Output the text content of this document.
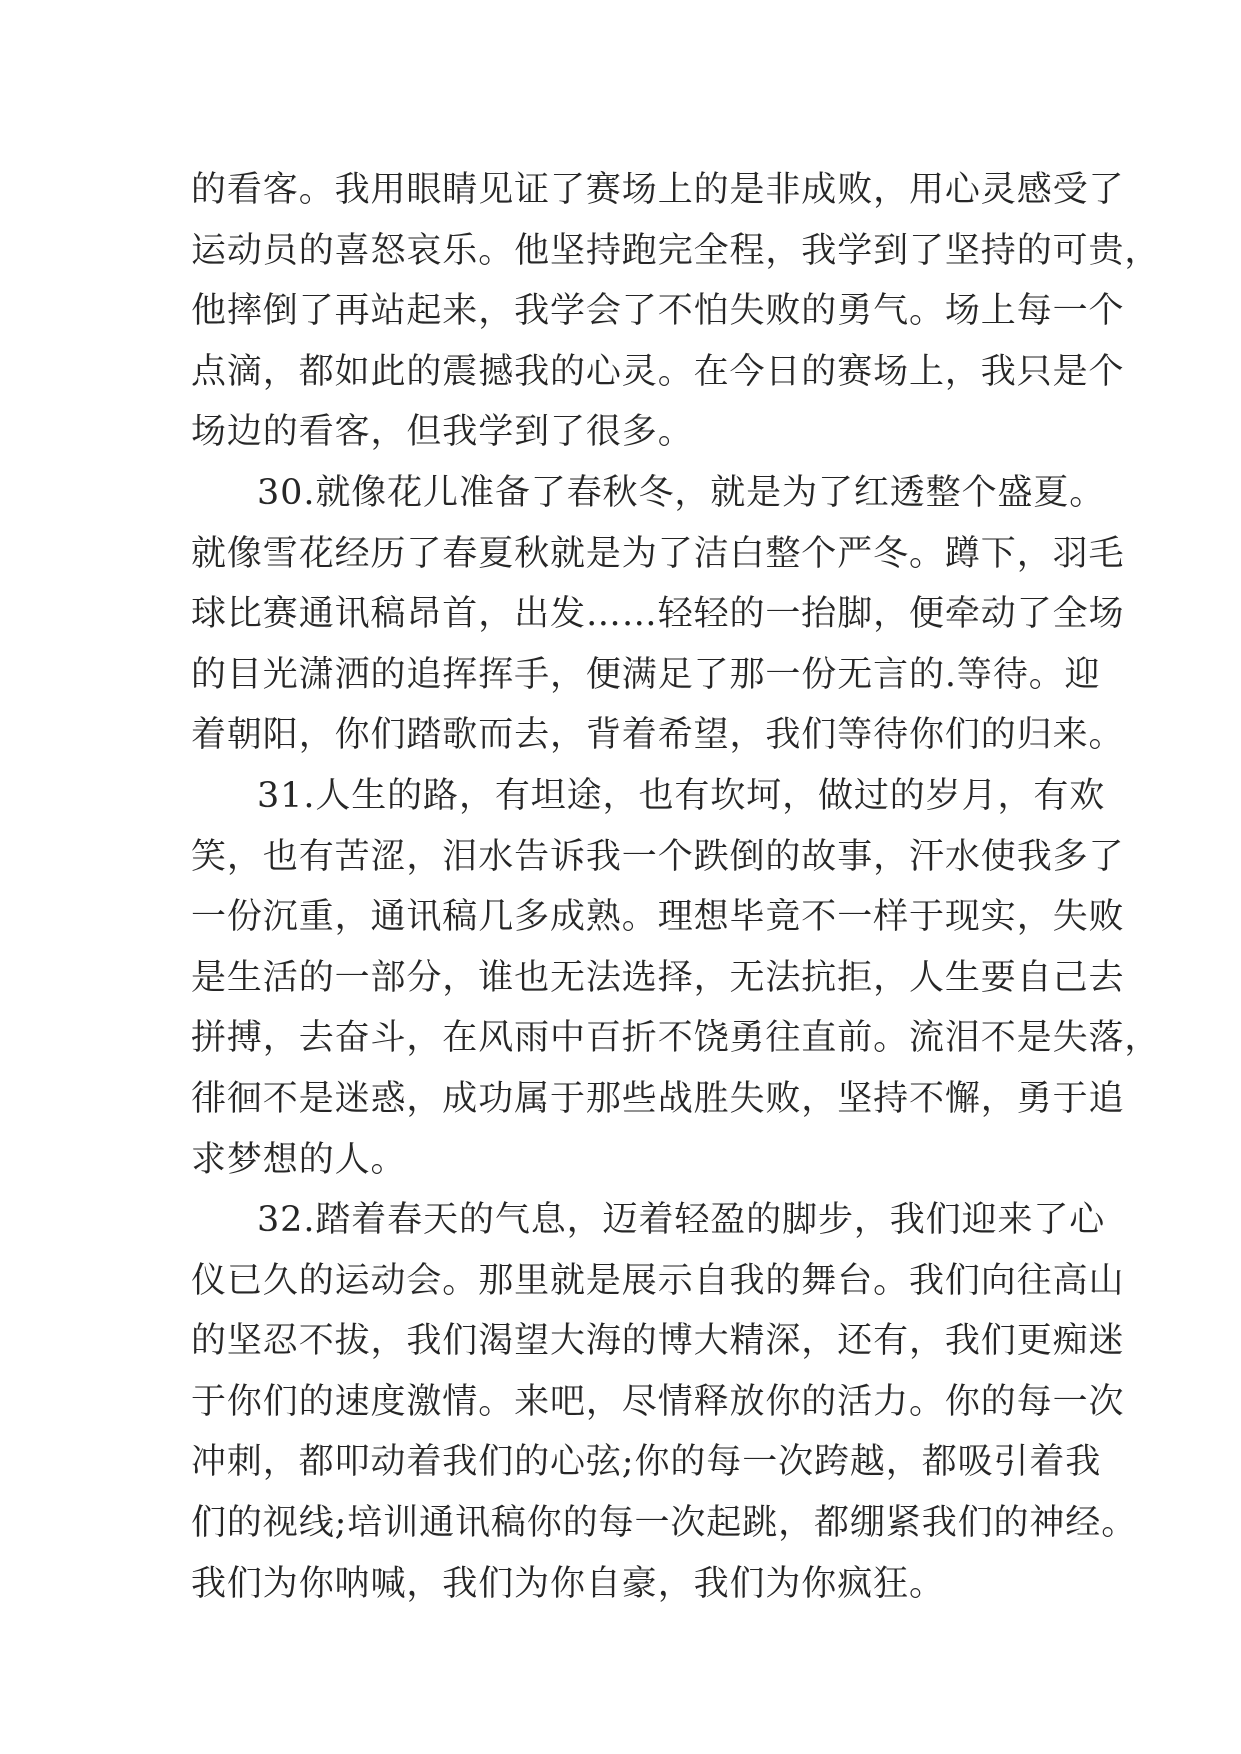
的看客。我用眼睛见证了赛场上的是非成败，用心灵感受了
运动员的喜怒哀乐。他坚持跑完全程，我学到了坚持的可贵，
他摔倒了再站起来，我学会了不怕失败的勇气。场上每一个
点滴，都如此的震撼我的心灵。在今日的赛场上，我只是个
场边的看客，但我学到了很多。
30.就像花儿准备了春秋冬，就是为了红透整个盛夏。
就像雪花经历了春夏秋就是为了洁白整个严冬。蹲下，羽毛
球比赛通讯稿昂首，出发……轻轻的一抬脚，便牵动了全场
的目光潇洒的追挥挥手，便满足了那一份无言的.等待。迎
着朝阳，你们踏歌而去，背着希望，我们等待你们的归来。
31.人生的路，有坦途，也有坎坷，做过的岁月，有欢
笑，也有苦涩，泪水告诉我一个跌倒的故事，汗水使我多了
一份沉重，通讯稿几多成熟。理想毕竟不一样于现实，失败
是生活的一部分，谁也无法选择，无法抗拒，人生要自己去
拼搏，去奋斗，在风雨中百折不饶勇往直前。流泪不是失落，
徘徊不是迷惑，成功属于那些战胜失败，坚持不懈，勇于追
求梦想的人。
32.踏着春天的气息，迈着轻盈的脚步，我们迎来了心
仪已久的运动会。那里就是展示自我的舞台。我们向往高山
的坚忍不拔，我们渴望大海的博大精深，还有，我们更痴迷
于你们的速度激情。来吧，尽情释放你的活力。你的每一次
冲刺，都叩动着我们的心弦;你的每一次跨越，都吸引着我
们的视线;培训通讯稿你的每一次起跳，都绷紧我们的神经。
我们为你呐喊，我们为你自豪，我们为你疯狂。
